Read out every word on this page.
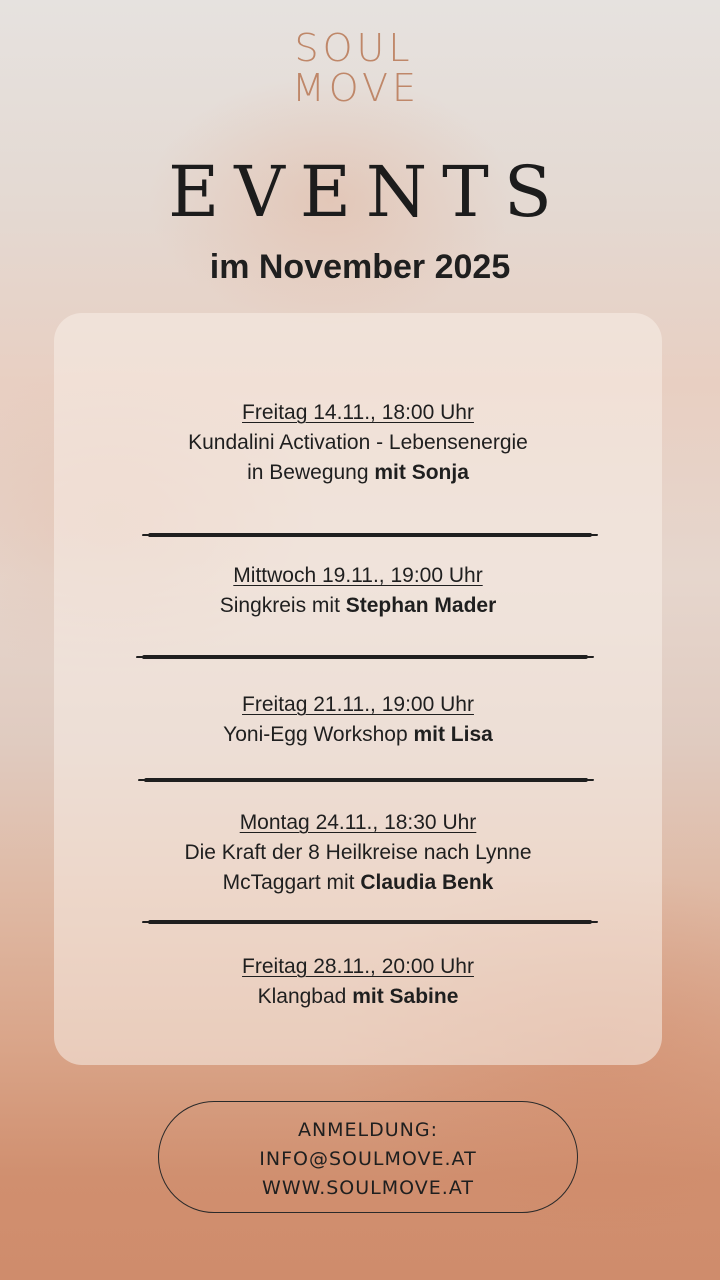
SOUL
MOVE
EVENTS
im November 2025
Freitag 14.11., 18:00 Uhr
Kundalini Activation - Lebensenergie
in Bewegung mit Sonja
Mittwoch 19.11., 19:00 Uhr
Singkreis mit Stephan Mader
Freitag 21.11., 19:00 Uhr
Yoni-Egg Workshop mit Lisa
Montag 24.11., 18:30 Uhr
Die Kraft der 8 Heilkreise nach Lynne
McTaggart mit Claudia Benk
Freitag 28.11., 20:00 Uhr
Klangbad mit Sabine
ANMELDUNG:
INFO@SOULMOVE.AT
WWW.SOULMOVE.AT
